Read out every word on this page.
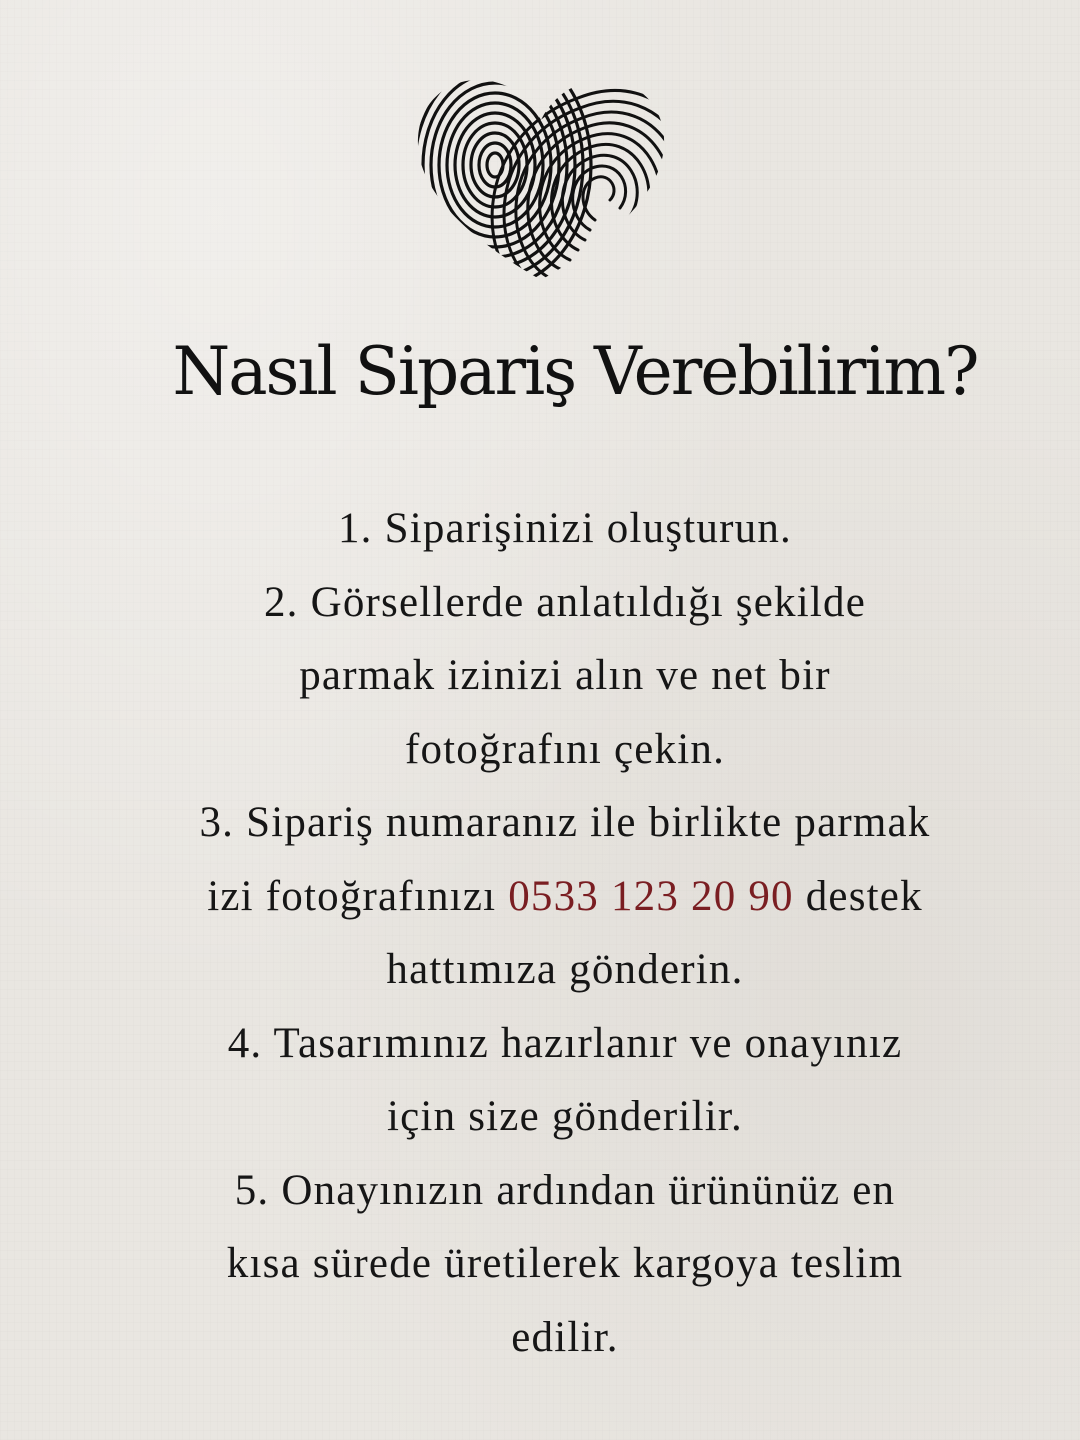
Nasıl Sipariş Verebilirim?
1. Siparişinizi oluşturun.
2. Görsellerde anlatıldığı şekilde
parmak izinizi alın ve net bir
fotoğrafını çekin.
3. Sipariş numaranız ile birlikte parmak
izi fotoğrafınızı 0533 123 20 90 destek
hattımıza gönderin.
4. Tasarımınız hazırlanır ve onayınız
için size gönderilir.
5. Onayınızın ardından ürününüz en
kısa sürede üretilerek kargoya teslim
edilir.
